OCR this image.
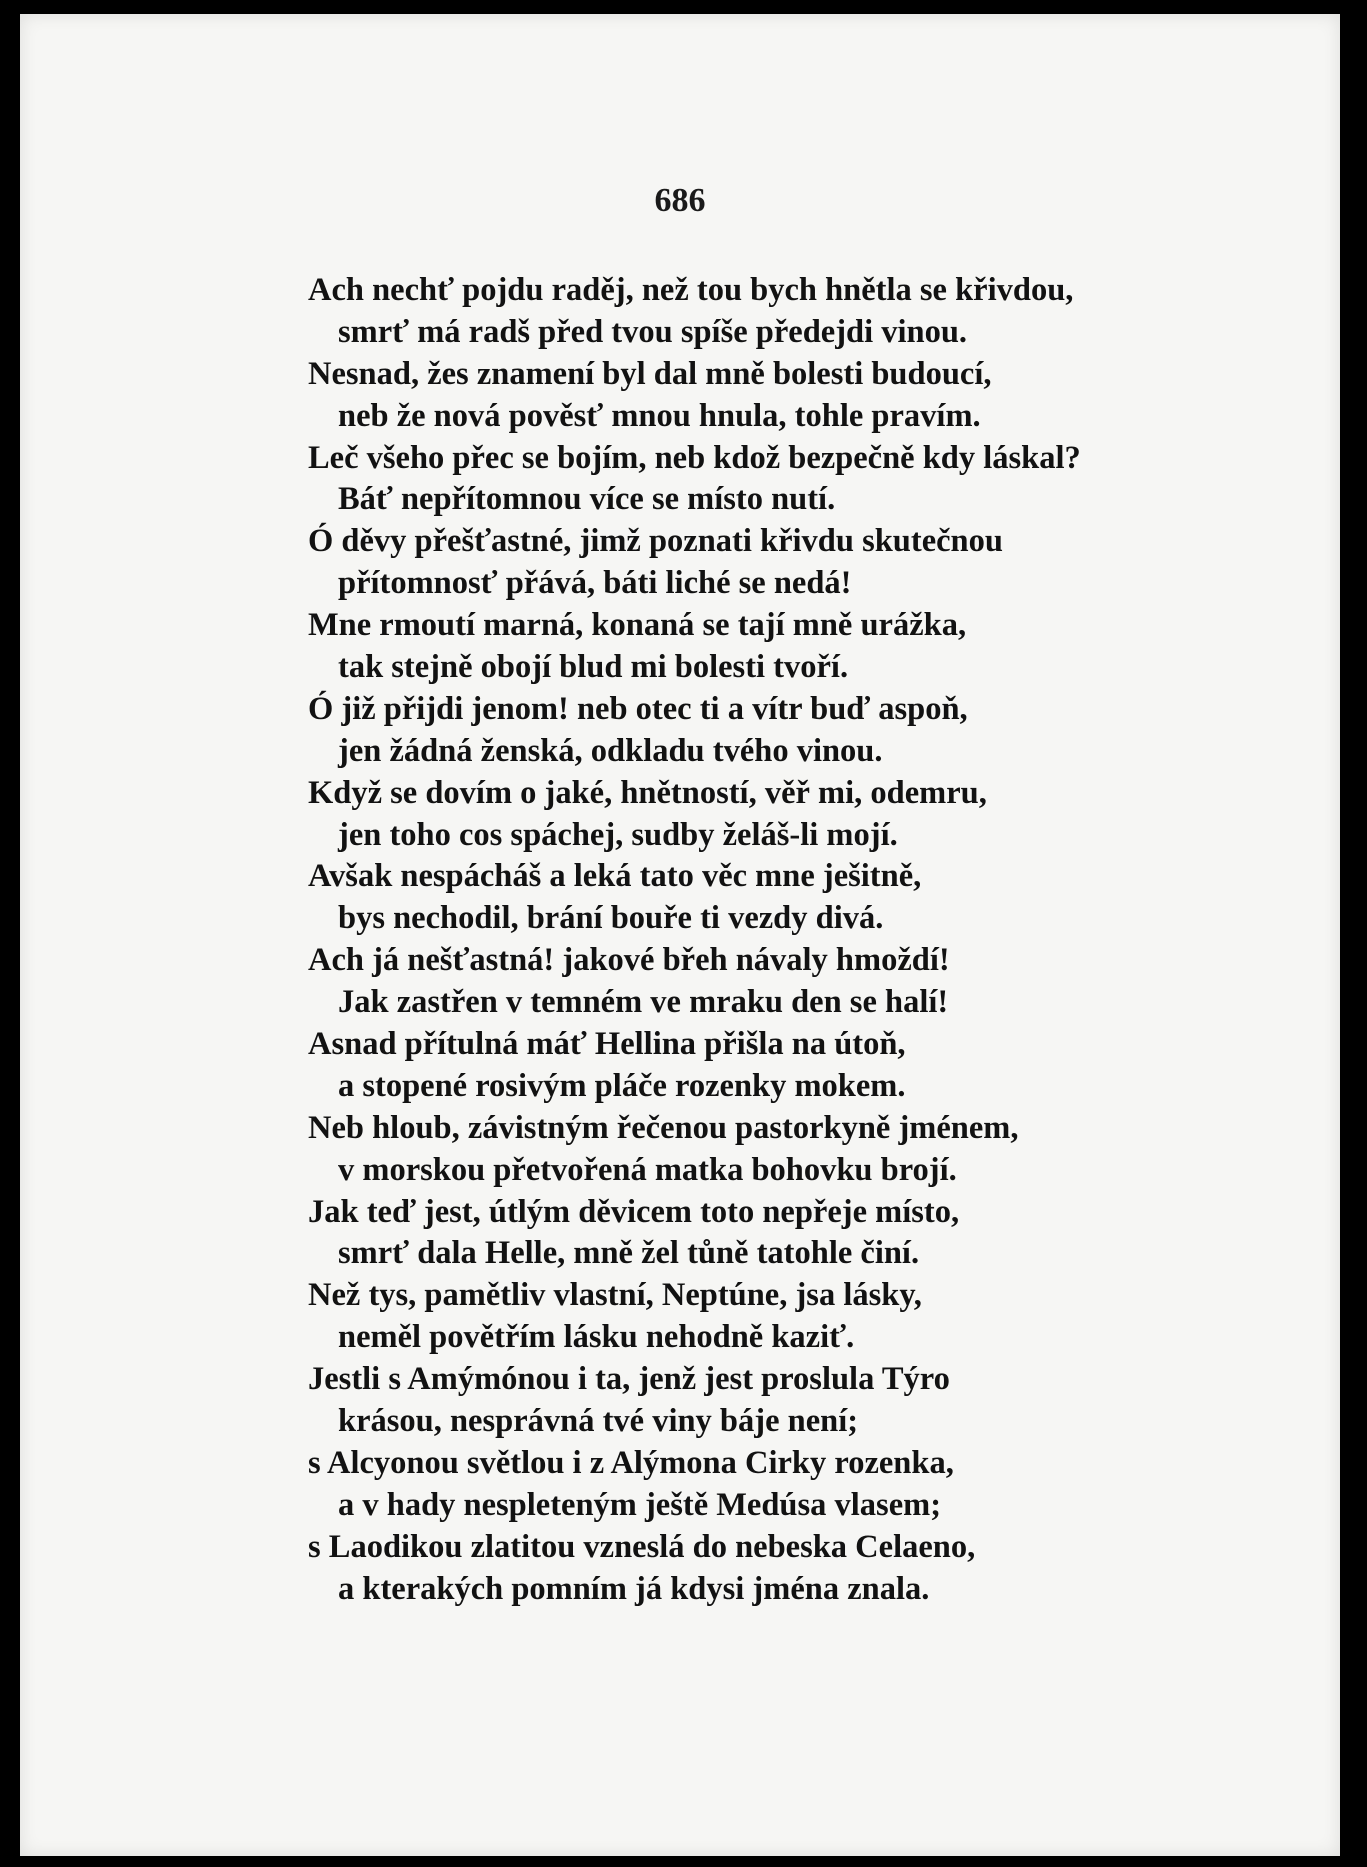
686
Ach nechť pojdu raděj, než tou bych hnětla se křivdou,
smrť má radš před tvou spíše předejdi vinou.
Nesnad, žes znamení byl dal mně bolesti budoucí,
neb že nová pověsť mnou hnula, tohle pravím.
Leč všeho přec se bojím, neb kdož bezpečně kdy láskal?
Báť nepřítomnou více se místo nutí.
Ó děvy přešťastné, jimž poznati křivdu skutečnou
přítomnosť přává, báti liché se nedá!
Mne rmoutí marná, konaná se tají mně urážka,
tak stejně obojí blud mi bolesti tvoří.
Ó již přijdi jenom! neb otec ti a vítr buď aspoň,
jen žádná ženská, odkladu tvého vinou.
Když se dovím o jaké, hnětností, věř mi, odemru,
jen toho cos spáchej, sudby želáš-li mojí.
Avšak nespácháš a leká tato věc mne ješitně,
bys nechodil, brání bouře ti vezdy divá.
Ach já nešťastná! jakové břeh návaly hmoždí!
Jak zastřen v temném ve mraku den se halí!
Asnad přítulná máť Hellina přišla na útoň,
a stopené rosivým pláče rozenky mokem.
Neb hloub, závistným řečenou pastorkyně jménem,
v morskou přetvořená matka bohovku brojí.
Jak teď jest, útlým děvicem toto nepřeje místo,
smrť dala Helle, mně žel tůně tatohle činí.
Než tys, pamětliv vlastní, Neptúne, jsa lásky,
neměl povětřím lásku nehodně kaziť.
Jestli s Amýmónou i ta, jenž jest proslula Týro
krásou, nesprávná tvé viny báje není;
s Alcyonou světlou i z Alýmona Cirky rozenka,
a v hady nespleteným ještě Medúsa vlasem;
s Laodikou zlatitou vzneslá do nebeska Celaeno,
a kterakých pomním já kdysi jména znala.
